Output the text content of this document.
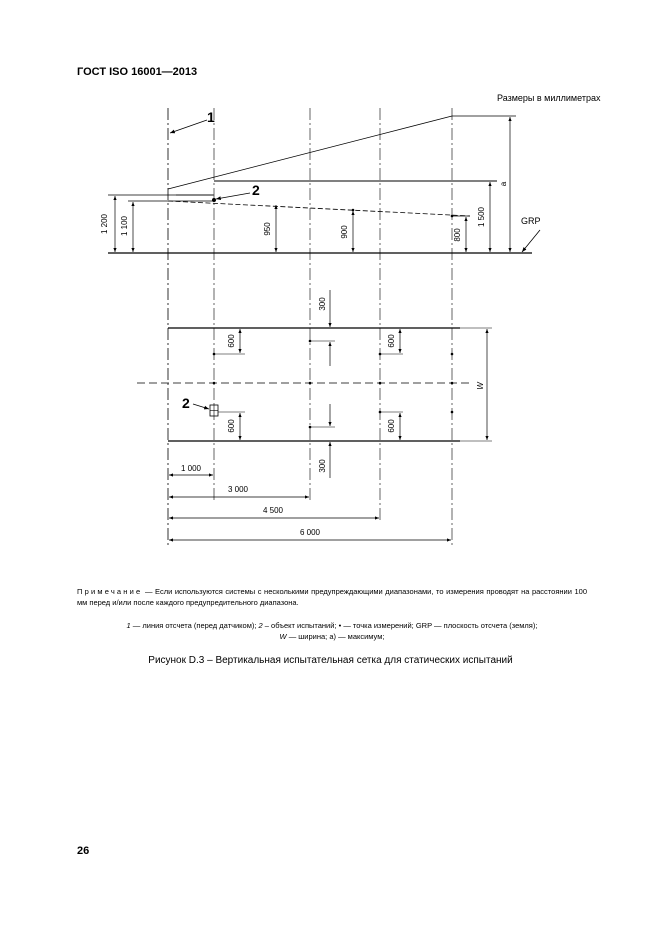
ГОСТ ISO 16001—2013
Размеры в миллиметрах
1
2
1 200 1 100	950	900	800
1 500
a
GRP
300
300
600
600
600
600
W
2
1 000
3 000
4 500
6 000
Примечание — Если используются системы с несколькими предупреждающими диапазонами, то измерения проводят на расстоянии 100 мм перед и/или после каждого предупредительного диапазона.
1 — линия отсчета (перед датчиком); 2 – объект испытаний; • — точка измерений; GRP — плоскость отсчета (земля);
W — ширина; a) — максимум;
Рисунок D.3 – Вертикальная испытательная сетка для статических испытаний
26
